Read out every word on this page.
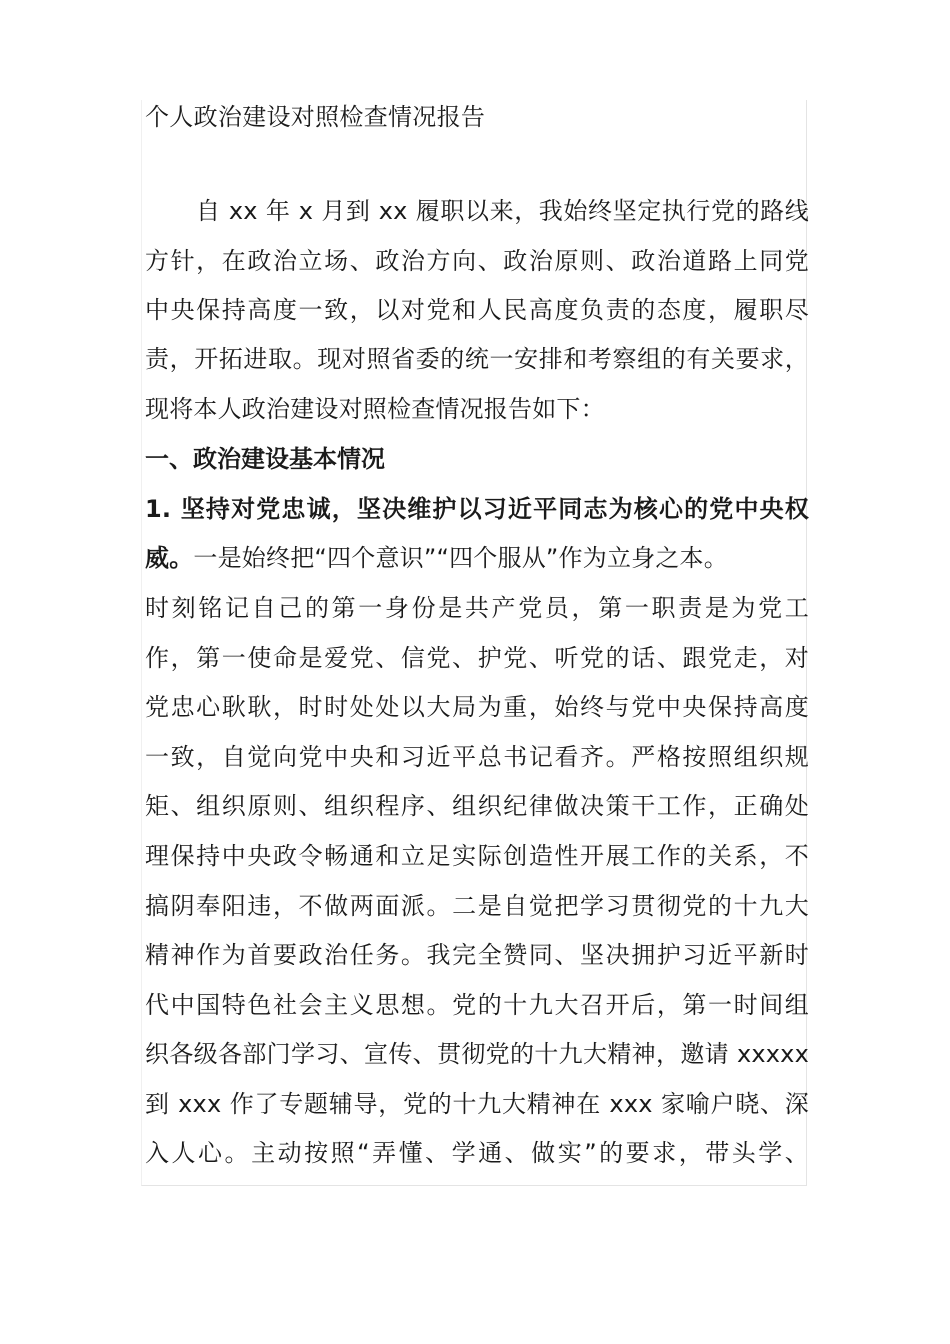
个人政治建设对照检查情况报告
自 xx 年 x 月到 xx 履职以来，我始终坚定执行党的路线
方针，在政治立场、政治方向、政治原则、政治道路上同党
中央保持高度一致，以对党和人民高度负责的态度，履职尽
责，开拓进取。现对照省委的统一安排和考察组的有关要求，
现将本人政治建设对照检查情况报告如下：
一、政治建设基本情况
1. 坚持对党忠诚，坚决维护以习近平同志为核心的党中央权
威。一是始终把“四个意识”“四个服从”作为立身之本。
时刻铭记自己的第一身份是共产党员，第一职责是为党工
作，第一使命是爱党、信党、护党、听党的话、跟党走，对
党忠心耿耿，时时处处以大局为重，始终与党中央保持高度
一致，自觉向党中央和习近平总书记看齐。严格按照组织规
矩、组织原则、组织程序、组织纪律做决策干工作，正确处
理保持中央政令畅通和立足实际创造性开展工作的关系，不
搞阴奉阳违，不做两面派。二是自觉把学习贯彻党的十九大
精神作为首要政治任务。我完全赞同、坚决拥护习近平新时
代中国特色社会主义思想。党的十九大召开后，第一时间组
织各级各部门学习、宣传、贯彻党的十九大精神，邀请 xxxxx
到 xxx 作了专题辅导，党的十九大精神在 xxx 家喻户晓、深
入人心。主动按照“弄懂、学通、做实”的要求，带头学、
